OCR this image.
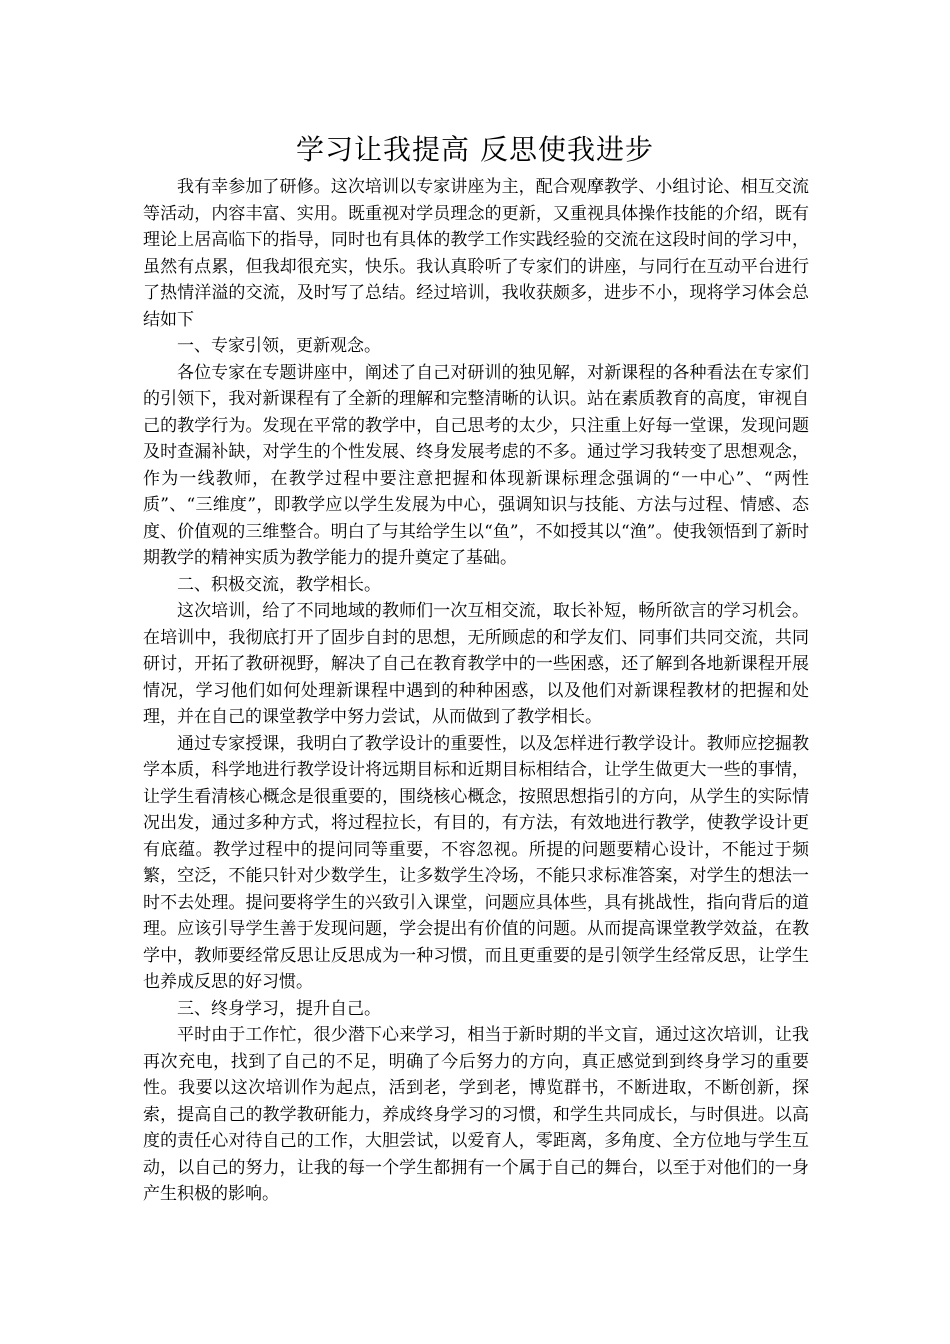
学习让我提高 反思使我进步

我有幸参加了研修。这次培训以专家讲座为主，配合观摩教学、小组讨论、相互交流等活动，内容丰富、实用。既重视对学员理念的更新，又重视具体操作技能的介绍，既有理论上居高临下的指导，同时也有具体的教学工作实践经验的交流在这段时间的学习中，虽然有点累，但我却很充实，快乐。我认真聆听了专家们的讲座，与同行在互动平台进行了热情洋溢的交流，及时写了总结。经过培训，我收获颇多，进步不小，现将学习体会总结如下

一、专家引领，更新观念。

各位专家在专题讲座中，阐述了自己对研训的独见解，对新课程的各种看法在专家们的引领下，我对新课程有了全新的理解和完整清晰的认识。站在素质教育的高度，审视自己的教学行为。发现在平常的教学中，自己思考的太少，只注重上好每一堂课，发现问题及时查漏补缺，对学生的个性发展、终身发展考虑的不多。通过学习我转变了思想观念，作为一线教师，在教学过程中要注意把握和体现新课标理念强调的“一中心”、“两性质”、“三维度”，即教学应以学生发展为中心，强调知识与技能、方法与过程、情感、态度、价值观的三维整合。明白了与其给学生以“鱼”，不如授其以“渔”。使我领悟到了新时期教学的精神实质为教学能力的提升奠定了基础。

二、积极交流，教学相长。

这次培训，给了不同地域的教师们一次互相交流，取长补短，畅所欲言的学习机会。在培训中，我彻底打开了固步自封的思想，无所顾虑的和学友们、同事们共同交流，共同研讨，开拓了教研视野，解决了自己在教育教学中的一些困惑，还了解到各地新课程开展情况，学习他们如何处理新课程中遇到的种种困惑，以及他们对新课程教材的把握和处理，并在自己的课堂教学中努力尝试，从而做到了教学相长。

通过专家授课，我明白了教学设计的重要性，以及怎样进行教学设计。教师应挖掘教学本质，科学地进行教学设计将远期目标和近期目标相结合，让学生做更大一些的事情，让学生看清核心概念是很重要的，围绕核心概念，按照思想指引的方向，从学生的实际情况出发，通过多种方式，将过程拉长，有目的，有方法，有效地进行教学，使教学设计更有底蕴。教学过程中的提问同等重要，不容忽视。所提的问题要精心设计，不能过于频繁，空泛，不能只针对少数学生，让多数学生冷场，不能只求标准答案，对学生的想法一时不去处理。提问要将学生的兴致引入课堂，问题应具体些，具有挑战性，指向背后的道理。应该引导学生善于发现问题，学会提出有价值的问题。从而提高课堂教学效益，在教学中，教师要经常反思让反思成为一种习惯，而且更重要的是引领学生经常反思，让学生也养成反思的好习惯。

三、终身学习，提升自己。

平时由于工作忙，很少潜下心来学习，相当于新时期的半文盲，通过这次培训，让我再次充电，找到了自己的不足，明确了今后努力的方向，真正感觉到到终身学习的重要性。我要以这次培训作为起点，活到老，学到老，博览群书，不断进取，不断创新，探索，提高自己的教学教研能力，养成终身学习的习惯，和学生共同成长，与时俱进。以高度的责任心对待自己的工作，大胆尝试，以爱育人，零距离，多角度、全方位地与学生互动，以自己的努力，让我的每一个学生都拥有一个属于自己的舞台，以至于对他们的一身产生积极的影响。
